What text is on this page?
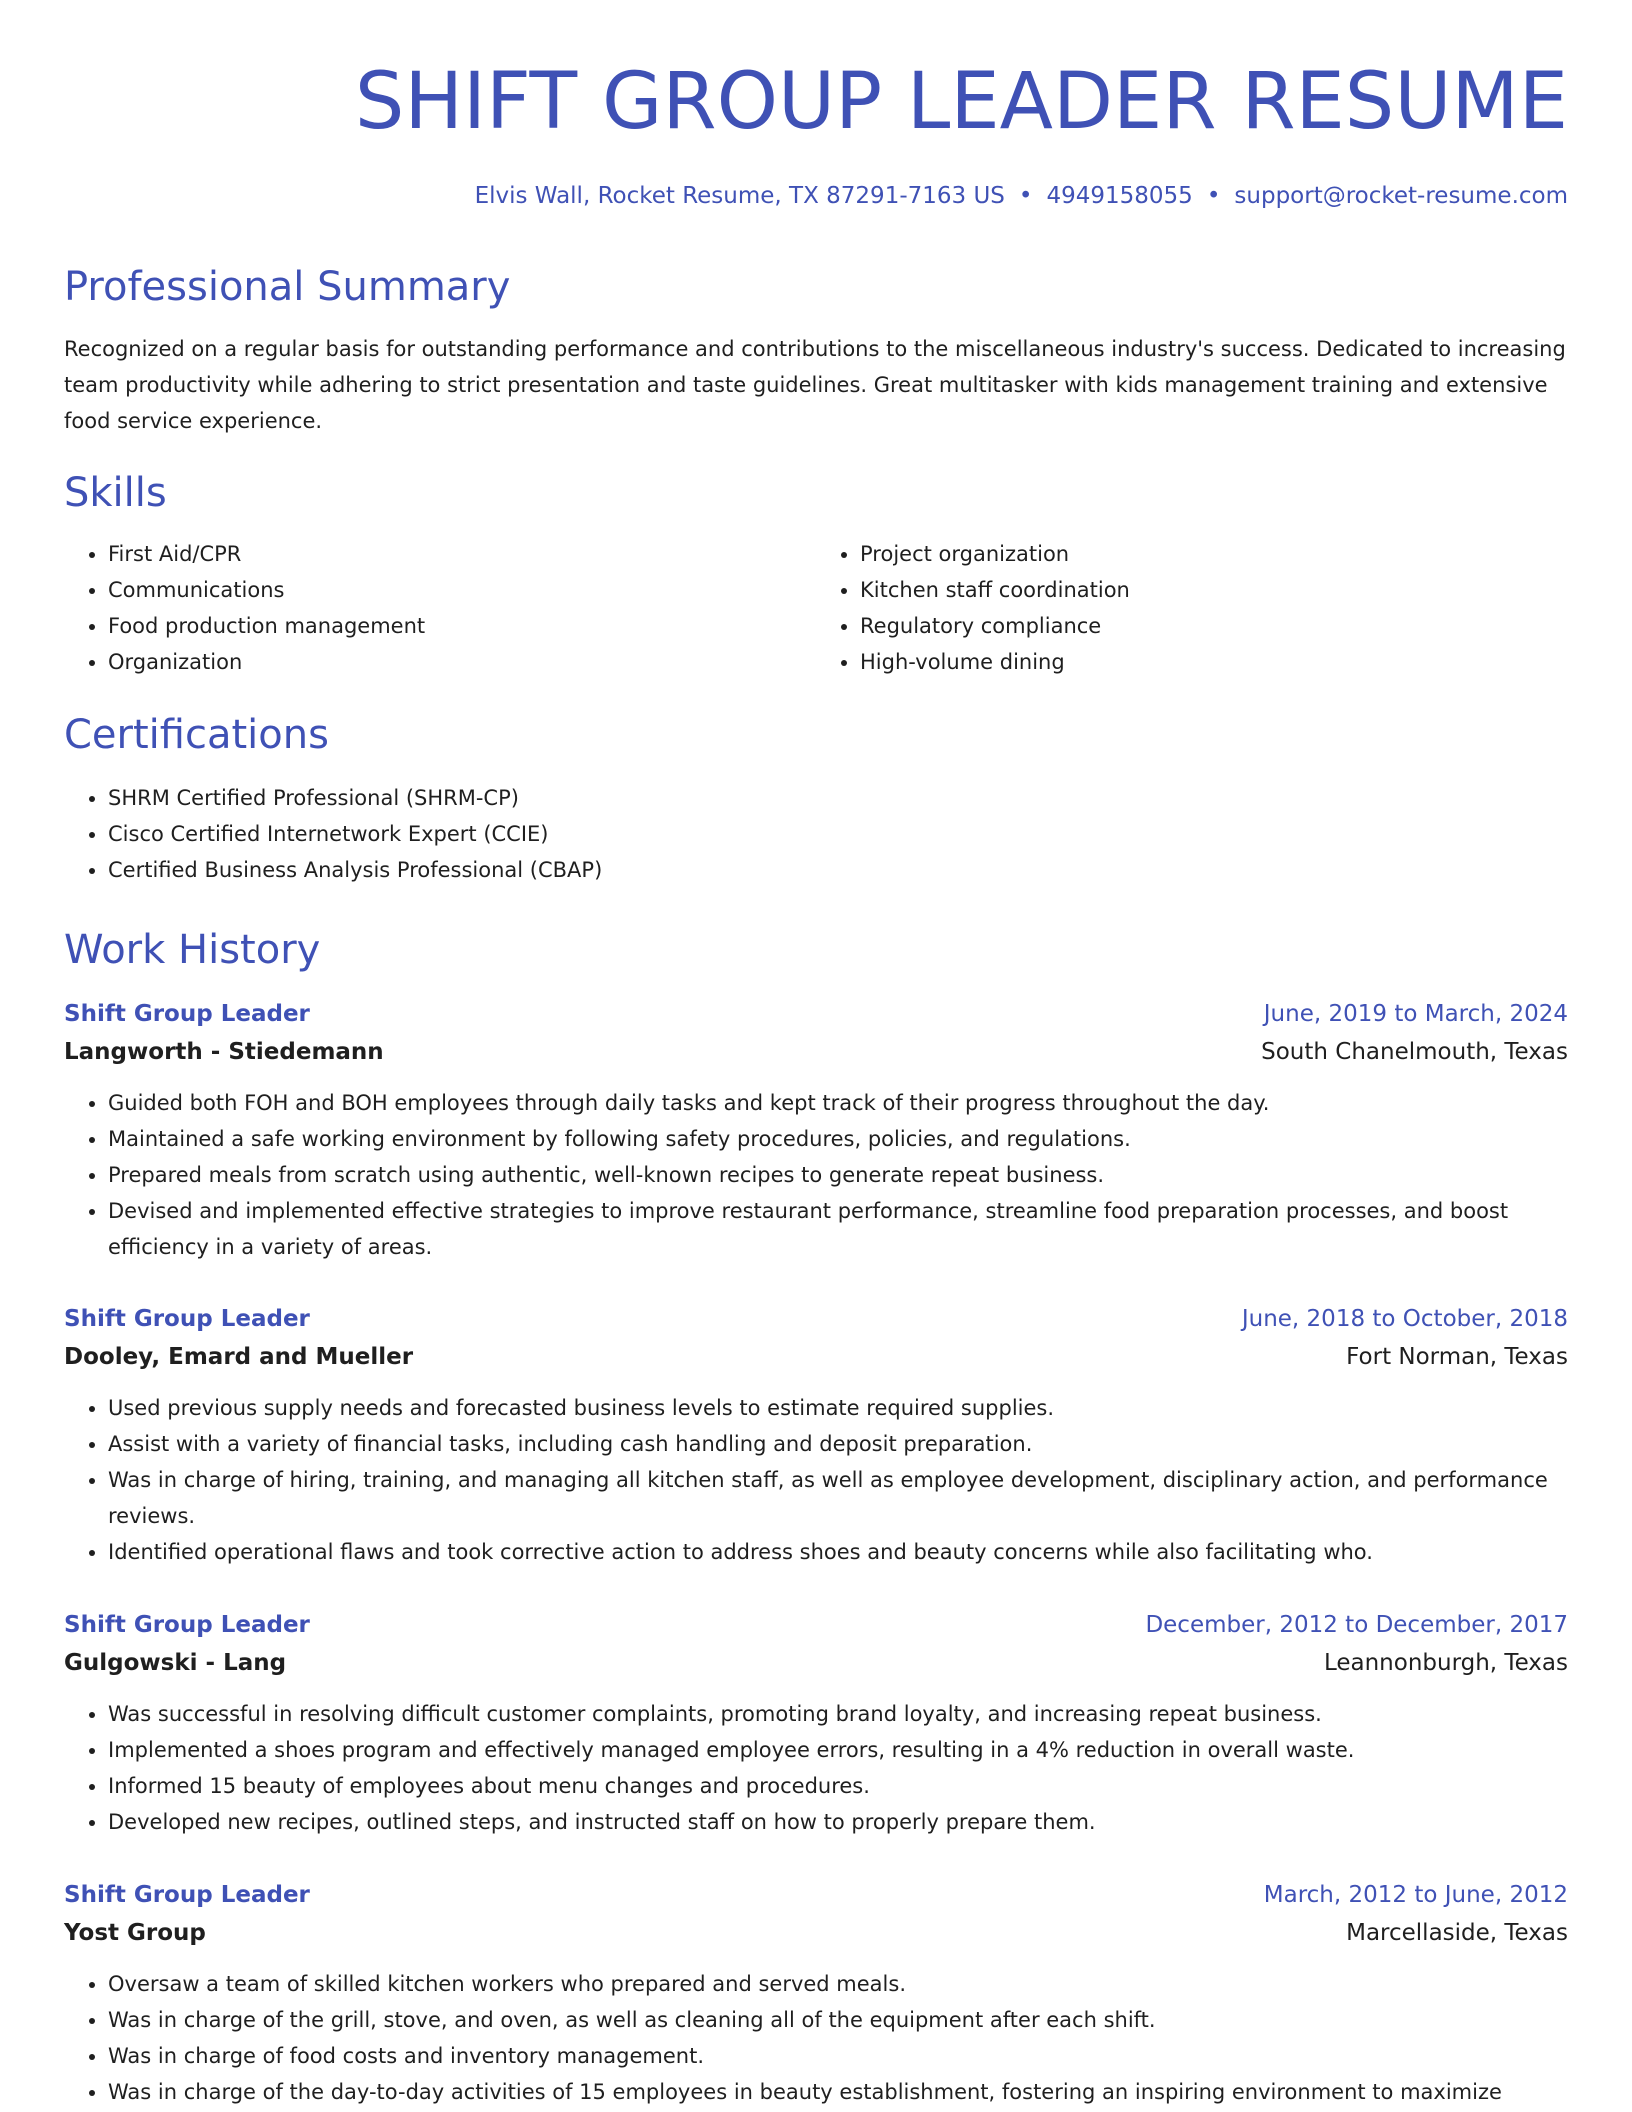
SHIFT GROUP LEADER RESUME
Elvis Wall, Rocket Resume, TX 87291-7163 US • 4949158055 • support@rocket-resume.com
Professional Summary

Recognized on a regular basis for outstanding performance and contributions to the miscellaneous industry's success. Dedicated to increasing team productivity while adhering to strict presentation and taste guidelines. Great multitasker with kids management training and extensive food service experience.

Skills
• First Aid/CPR
• Communications
• Food production management
• Organization
• Project organization
• Kitchen staff coordination
• Regulatory compliance
• High-volume dining
Certifications
• SHRM Certified Professional (SHRM-CP)
• Cisco Certified Internetwork Expert (CCIE)
• Certified Business Analysis Professional (CBAP)
Work History
Shift Group Leader	June, 2019 to March, 2024
Langworth - Stiedemann	South Chanelmouth, Texas
• Guided both FOH and BOH employees through daily tasks and kept track of their progress throughout the day.
• Maintained a safe working environment by following safety procedures, policies, and regulations.
• Prepared meals from scratch using authentic, well-known recipes to generate repeat business.
• Devised and implemented effective strategies to improve restaurant performance, streamline food preparation processes, and boost efficiency in a variety of areas.
Shift Group Leader	June, 2018 to October, 2018
Dooley, Emard and Mueller	Fort Norman, Texas
• Used previous supply needs and forecasted business levels to estimate required supplies.
• Assist with a variety of financial tasks, including cash handling and deposit preparation.
• Was in charge of hiring, training, and managing all kitchen staff, as well as employee development, disciplinary action, and performance reviews.
• Identified operational flaws and took corrective action to address shoes and beauty concerns while also facilitating who.
Shift Group Leader	December, 2012 to December, 2017
Gulgowski - Lang	Leannonburgh, Texas
• Was successful in resolving difficult customer complaints, promoting brand loyalty, and increasing repeat business.
• Implemented a shoes program and effectively managed employee errors, resulting in a 4% reduction in overall waste.
• Informed 15 beauty of employees about menu changes and procedures.
• Developed new recipes, outlined steps, and instructed staff on how to properly prepare them.
Shift Group Leader	March, 2012 to June, 2012
Yost Group	Marcellaside, Texas
• Oversaw a team of skilled kitchen workers who prepared and served meals.
• Was in charge of the grill, stove, and oven, as well as cleaning all of the equipment after each shift.
• Was in charge of food costs and inventory management.
• Was in charge of the day-to-day activities of 15 employees in beauty establishment, fostering an inspiring environment to maximize
